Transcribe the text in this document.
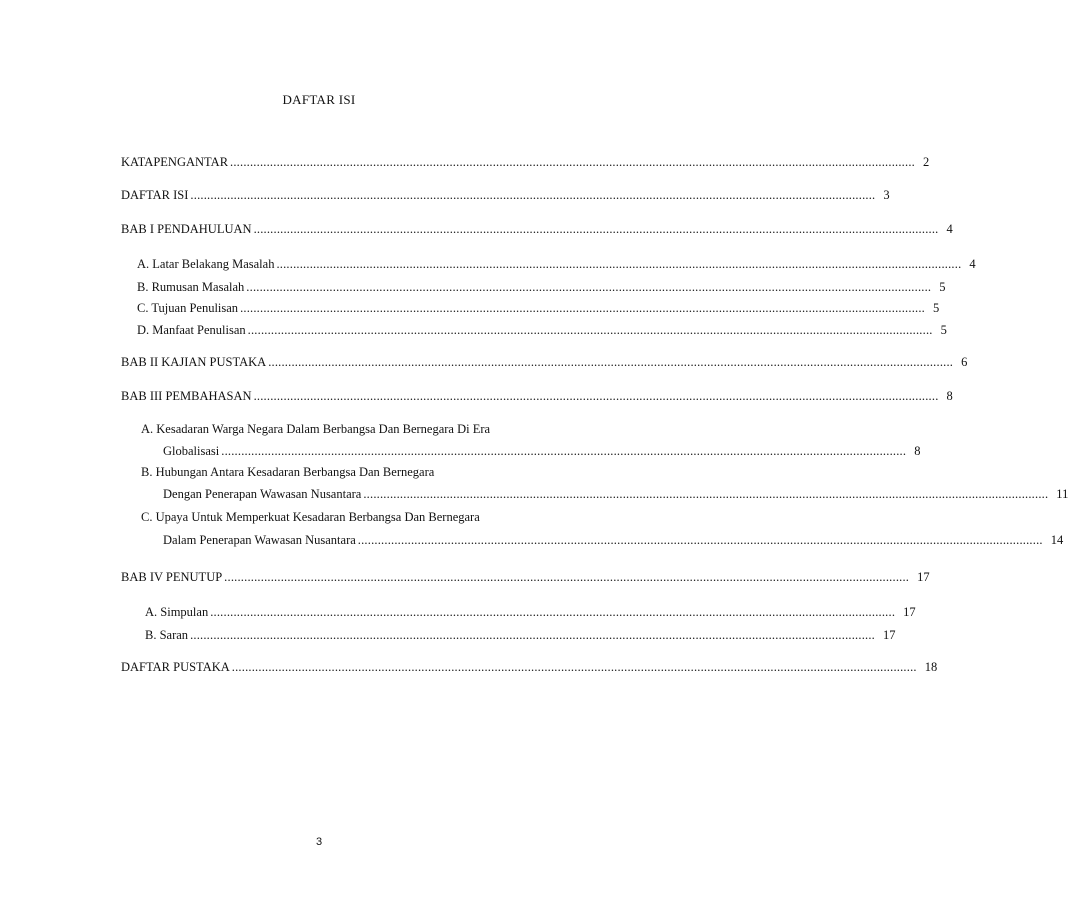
DAFTAR ISI
KATAPENGANTAR .............................................................................................................................................................................................................. 2
DAFTAR ISI .............................................................................................................................................................................................................. 3
BAB I PENDAHULUAN .............................................................................................................................................................................................................. 4
A. Latar Belakang Masalah .............................................................................................................................................................................................................. 4
B. Rumusan Masalah .............................................................................................................................................................................................................. 5
C. Tujuan Penulisan .............................................................................................................................................................................................................. 5
D. Manfaat Penulisan .............................................................................................................................................................................................................. 5
BAB II KAJIAN PUSTAKA .............................................................................................................................................................................................................. 6
BAB III PEMBAHASAN .............................................................................................................................................................................................................. 8
A. Kesadaran Warga Negara Dalam Berbangsa Dan Bernegara Di Era
Globalisasi .............................................................................................................................................................................................................. 8
B. Hubungan Antara Kesadaran Berbangsa Dan Bernegara
Dengan Penerapan Wawasan Nusantara .............................................................................................................................................................................................................. 11
C. Upaya Untuk Memperkuat Kesadaran Berbangsa Dan Bernegara
Dalam Penerapan Wawasan Nusantara .............................................................................................................................................................................................................. 14
BAB IV PENUTUP .............................................................................................................................................................................................................. 17
A. Simpulan .............................................................................................................................................................................................................. 17
B. Saran .............................................................................................................................................................................................................. 17
DAFTAR PUSTAKA .............................................................................................................................................................................................................. 18
3
